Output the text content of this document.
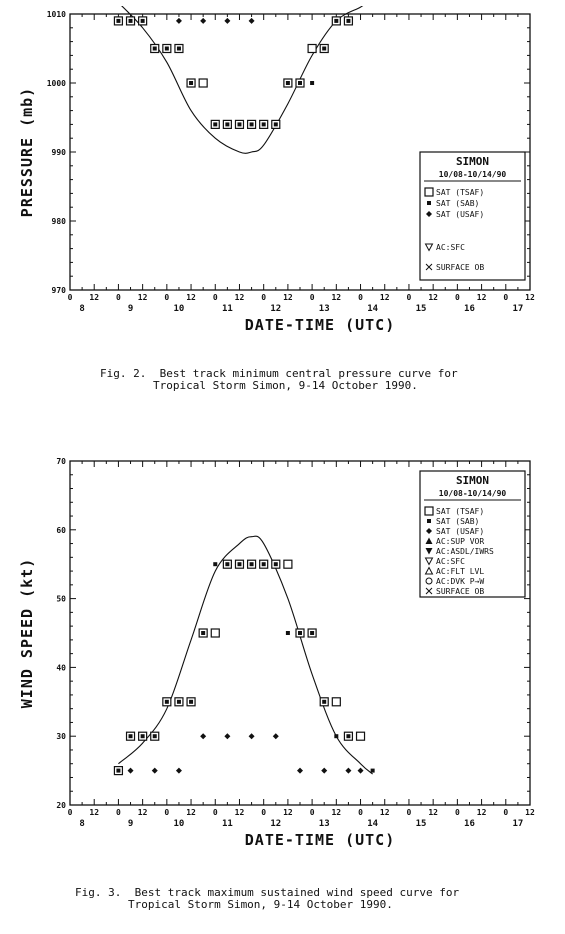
0 12 0 12 0 12 0 12 0 12 0 12 0 12 0 12 0 12 0 12
8	9	10	11	12	13	14	15	16	17
970
980
990
1000
1010
DATE-TIME (UTC)
PRESSURE (mb)	SIMON
10/08-10/14/90
SAT (TSAF)
SAT (SAB)
SAT (USAF)
AC:SFC
SURFACE OB
Fig. 2.  Best track minimum central pressure curve for
Tropical Storm Simon, 9-14 October 1990.
0 12 0 12 0 12 0 12 0 12 0 12 0 12 0 12 0 12 0 12
8	9	10	11	12	13	14	15	16	17
20
30
40
50
60
70
DATE-TIME (UTC)
WIND SPEED (kt)
SIMON
10/08-10/14/90
SAT (TSAF)
SAT (SAB)
SAT (USAF)
AC:SUP VOR
AC:ASDL/IWRS
AC:SFC
AC:FLT LVL
AC:DVK P→W
SURFACE OB
Fig. 3.  Best track maximum sustained wind speed curve for
Tropical Storm Simon, 9-14 October 1990.
